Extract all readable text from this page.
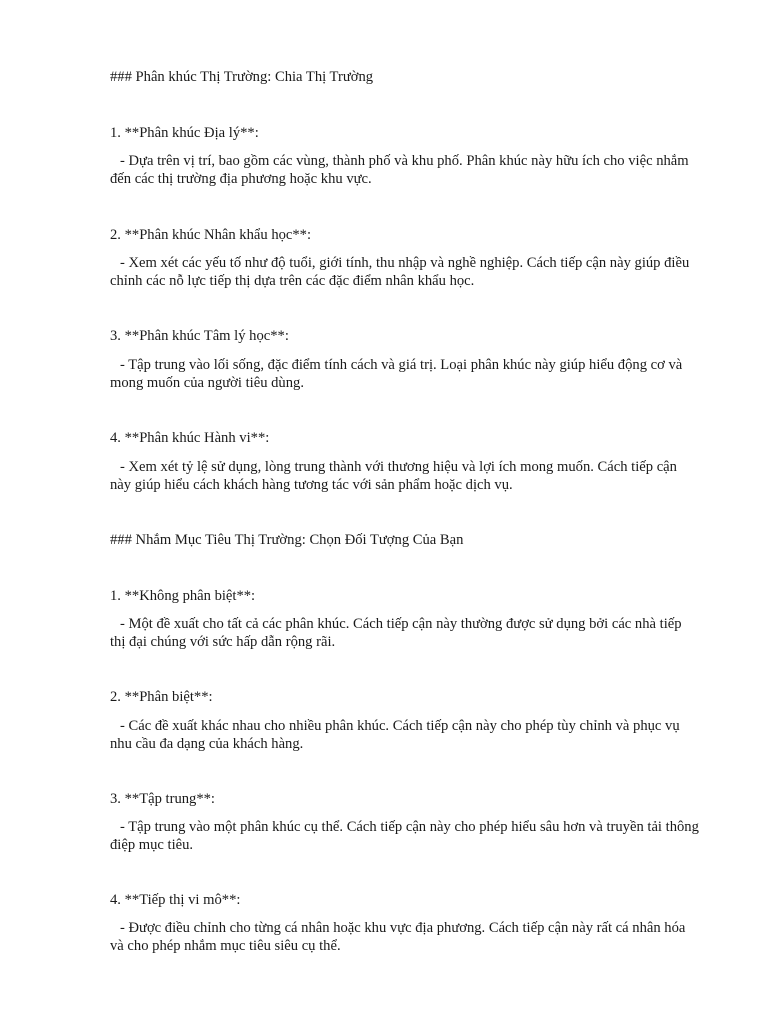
### Phân khúc Thị Trường: Chia Thị Trường
1. **Phân khúc Địa lý**:
- Dựa trên vị trí, bao gồm các vùng, thành phố và khu phố. Phân khúc này hữu ích cho việc nhắm đến các thị trường địa phương hoặc khu vực.
2. **Phân khúc Nhân khẩu học**:
- Xem xét các yếu tố như độ tuổi, giới tính, thu nhập và nghề nghiệp. Cách tiếp cận này giúp điều chỉnh các nỗ lực tiếp thị dựa trên các đặc điểm nhân khẩu học.
3. **Phân khúc Tâm lý học**:
- Tập trung vào lối sống, đặc điểm tính cách và giá trị. Loại phân khúc này giúp hiểu động cơ và mong muốn của người tiêu dùng.
4. **Phân khúc Hành vi**:
- Xem xét tỷ lệ sử dụng, lòng trung thành với thương hiệu và lợi ích mong muốn. Cách tiếp cận này giúp hiểu cách khách hàng tương tác với sản phẩm hoặc dịch vụ.
### Nhắm Mục Tiêu Thị Trường: Chọn Đối Tượng Của Bạn
1. **Không phân biệt**:
- Một đề xuất cho tất cả các phân khúc. Cách tiếp cận này thường được sử dụng bởi các nhà tiếp thị đại chúng với sức hấp dẫn rộng rãi.
2. **Phân biệt**:
- Các đề xuất khác nhau cho nhiều phân khúc. Cách tiếp cận này cho phép tùy chỉnh và phục vụ nhu cầu đa dạng của khách hàng.
3. **Tập trung**:
- Tập trung vào một phân khúc cụ thể. Cách tiếp cận này cho phép hiểu sâu hơn và truyền tải thông điệp mục tiêu.
4. **Tiếp thị vi mô**:
- Được điều chỉnh cho từng cá nhân hoặc khu vực địa phương. Cách tiếp cận này rất cá nhân hóa và cho phép nhắm mục tiêu siêu cụ thể.
